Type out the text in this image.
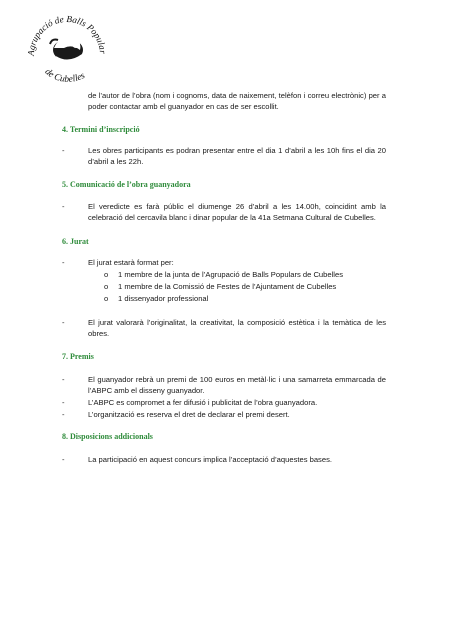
Agrupació de Balls Popular
de Cubelles
de l’autor de l’obra (nom i cognoms, data de naixement, telèfon i correu electrònic) per a poder contactar amb el guanyador en cas de ser escollit.
4. Termini d’inscripció
-	Les obres participants es podran presentar entre el dia 1 d’abril a les 10h fins el dia 20 d’abril a les 22h.
5. Comunicació de l’obra guanyadora
-	El veredicte es farà públic el diumenge 26 d’abril a les 14.00h, coincidint amb la celebració del cercavila blanc i dinar popular de la 41a Setmana Cultural de Cubelles.
6. Jurat
-	El jurat estarà format per:
o 1 membre de la junta de l’Agrupació de Balls Populars de Cubelles
o 1 membre de la Comissió de Festes de l’Ajuntament de Cubelles
o 1 dissenyador professional
-	El jurat valorarà l’originalitat, la creativitat, la composició estètica i la temàtica de les obres.
7. Premis
-	El guanyador rebrà un premi de 100 euros en metàl·lic i una samarreta emmarcada de l’ABPC amb el disseny guanyador.
-	L’ABPC es compromet a fer difusió i publicitat de l’obra guanyadora.
-	L’organització es reserva el dret de declarar el premi desert.
8. Disposicions addicionals
-	La participació en aquest concurs implica l’acceptació d’aquestes bases.
